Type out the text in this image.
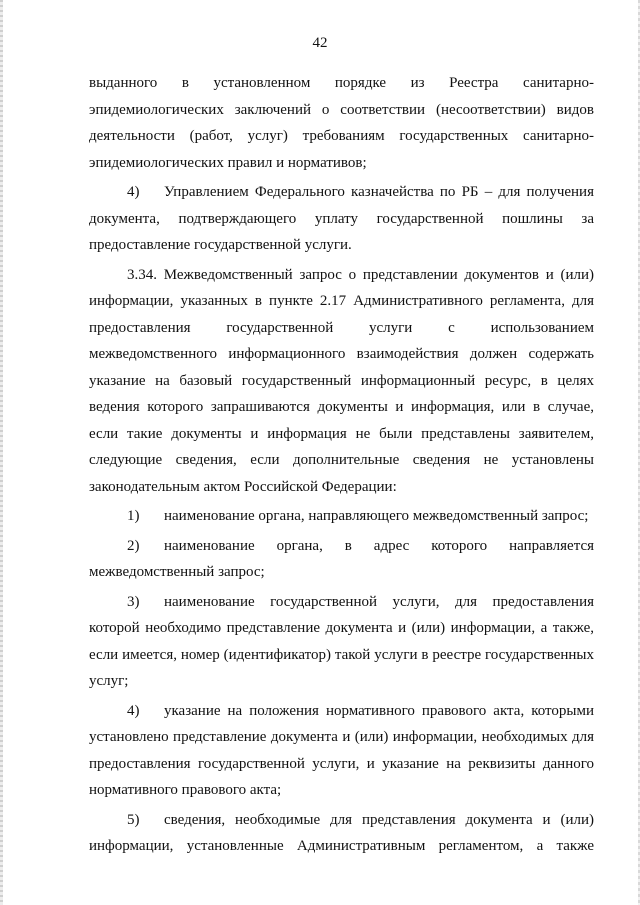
42

выданного в установленном порядке из Реестра санитарно-эпидемиологических заключений о соответствии (несоответствии) видов деятельности (работ, услуг) требованиям государственных санитарно-эпидемиологических правил и нормативов;

4) Управлением Федерального казначейства по РБ – для получения документа, подтверждающего уплату государственной пошлины за предоставление государственной услуги.

3.34. Межведомственный запрос о представлении документов и (или) информации, указанных в пункте 2.17 Административного регламента, для предоставления государственной услуги с использованием межведомственного информационного взаимодействия должен содержать указание на базовый государственный информационный ресурс, в целях ведения которого запрашиваются документы и информация, или в случае, если такие документы и информация не были представлены заявителем, следующие сведения, если дополнительные сведения не установлены законодательным актом Российской Федерации:

1) наименование органа, направляющего межведомственный запрос;

2) наименование органа, в адрес которого направляется межведомственный запрос;

3) наименование государственной услуги, для предоставления которой необходимо представление документа и (или) информации, а также, если имеется, номер (идентификатор) такой услуги в реестре государственных услуг;

4) указание на положения нормативного правового акта, которыми установлено представление документа и (или) информации, необходимых для предоставления государственной услуги, и указание на реквизиты данного нормативного правового акта;

5) сведения, необходимые для представления документа и (или) информации, установленные Административным регламентом, а также
